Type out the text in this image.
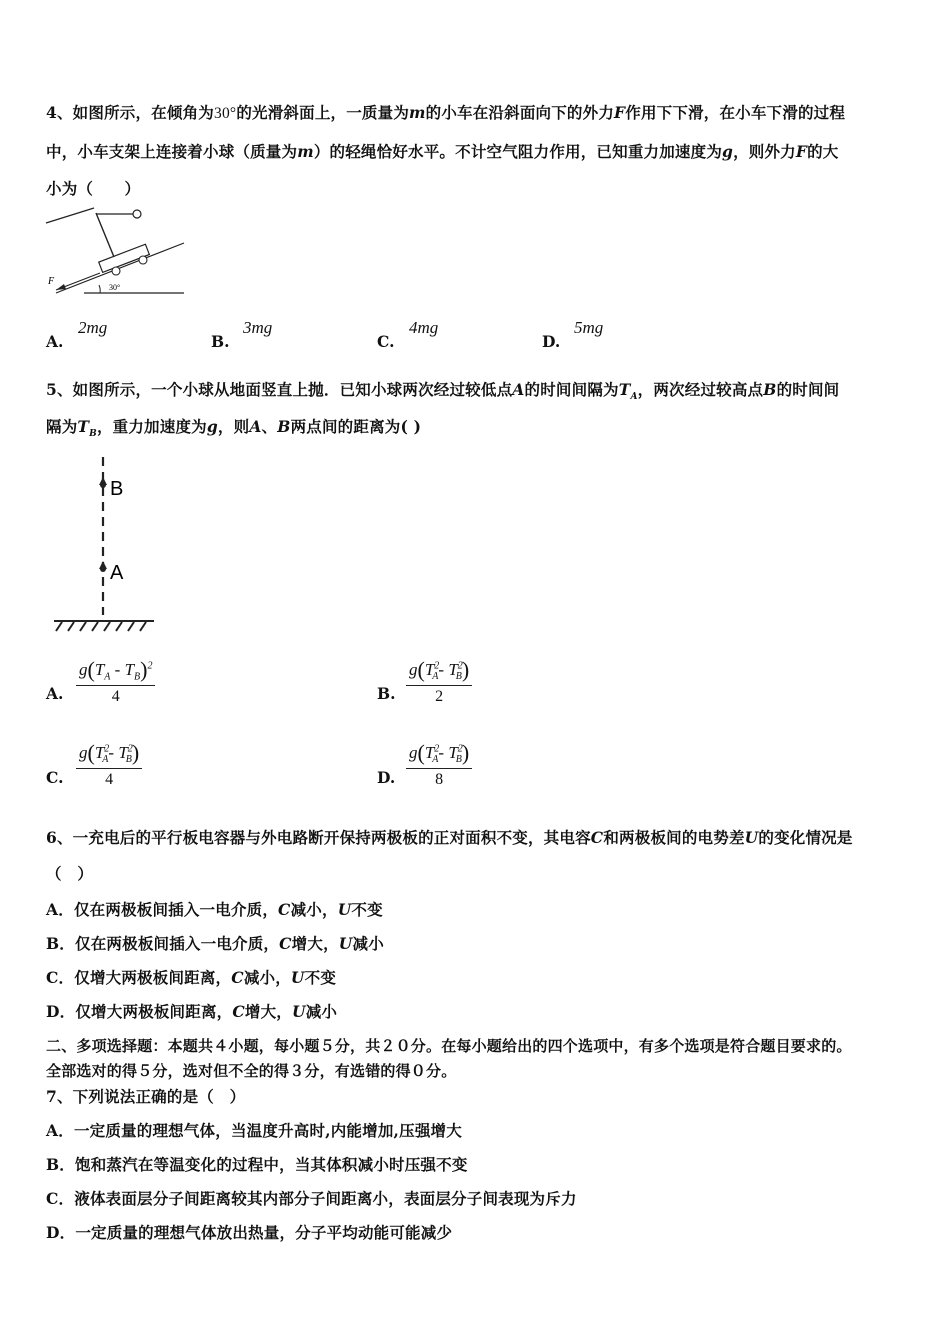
4、如图所示，在倾角为30°的光滑斜面上，一质量为m的小车在沿斜面向下的外力F作用下下滑，在小车下滑的过程
中，小车支架上连接着小球（质量为m）的轻绳恰好水平。不计空气阻力作用，已知重力加速度为g，则外力F的大
小为（　　）
F
30°
A.
2mg
B.
3mg
C.
4mg
D.
5mg
5、如图所示，一个小球从地面竖直上抛．已知小球两次经过较低点A的时间间隔为$T_A$，两次经过较高点B的时间间
隔为$T_B$，重力加速度为g，则A、B两点间的距离为( )
B
A
A. $\frac{g(T_A - T_B)^2}{4}$	B. $\frac{g(T^2_A- T^2_B)}{2}$
C. $\frac{g(T^2_A- T^2_B)}{4}$	D. $\frac{g(T^2_A- T^2_B)}{8}$
6、一充电后的平行板电容器与外电路断开保持两极板的正对面积不变，其电容C和两极板间的电势差U的变化情况是
（　）
A．仅在两极板间插入一电介质，C减小，U不变
B．仅在两极板间插入一电介质，C增大，U减小
C．仅增大两极板间距离，C减小，U不变
D．仅增大两极板间距离，C增大，U减小
二、多项选择题：本题共４小题，每小题５分，共２０分。在每小题给出的四个选项中，有多个选项是符合题目要求的。
全部选对的得５分，选对但不全的得３分，有选错的得０分。
7、下列说法正确的是（　）
A．一定质量的理想气体，当温度升高时,内能增加,压强增大
B．饱和蒸汽在等温变化的过程中，当其体积减小时压强不变
C．液体表面层分子间距离较其内部分子间距离小，表面层分子间表现为斥力
D．一定质量的理想气体放出热量，分子平均动能可能减少
